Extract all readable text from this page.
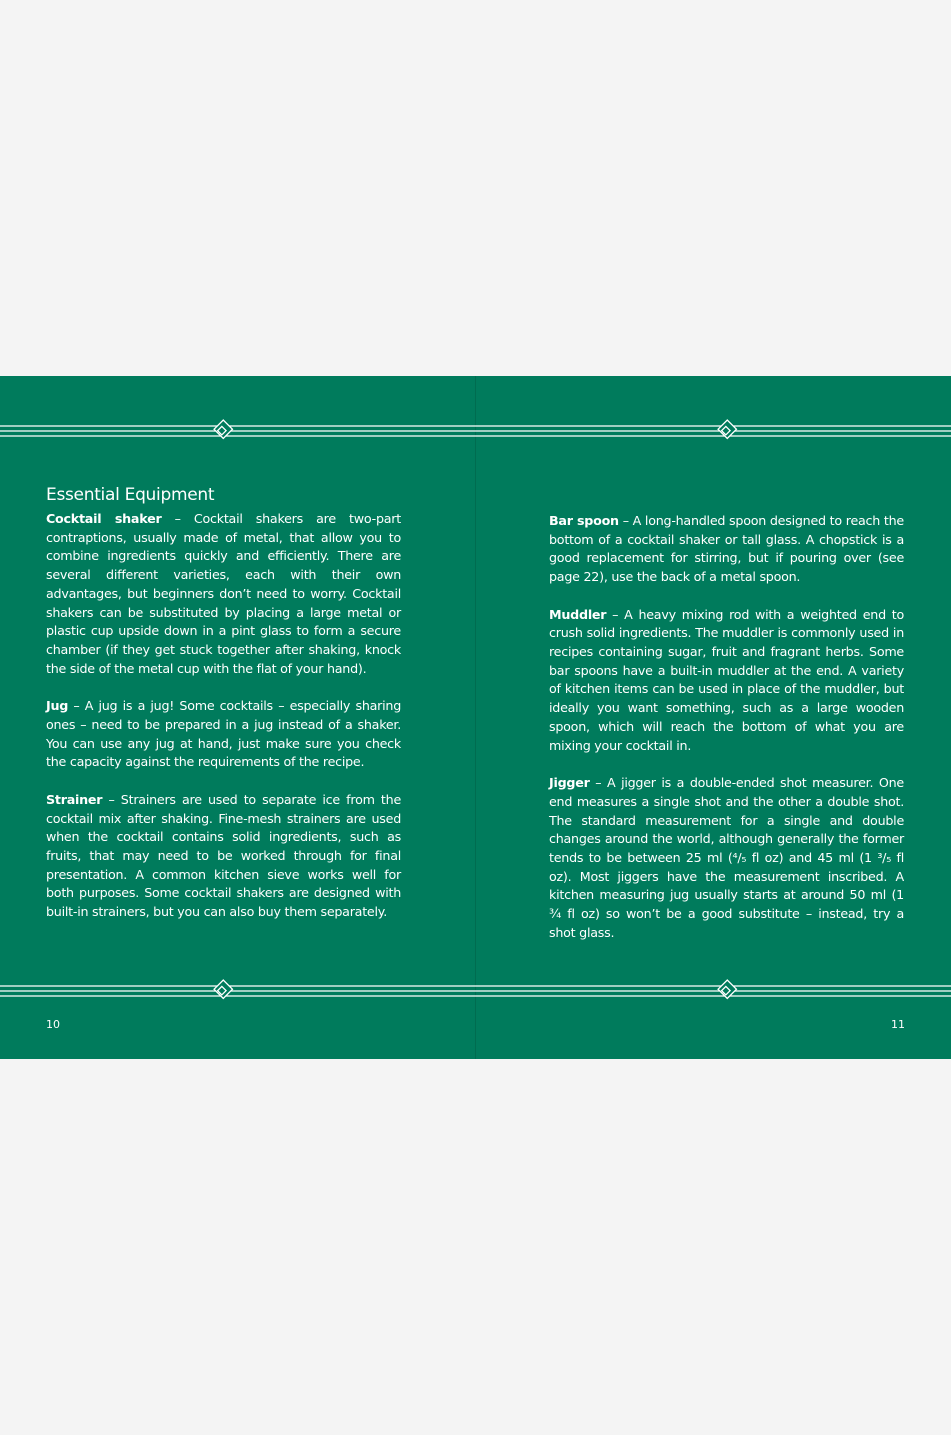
Essential Equipment

Cocktail shaker – Cocktail shakers are two-part contraptions, usually made of metal, that allow you to combine ingredients quickly and efficiently. There are several different varieties, each with their own advantages, but beginners don’t need to worry. Cocktail shakers can be substituted by placing a large metal or plastic cup upside down in a pint glass to form a secure chamber (if they get stuck together after shaking, knock the side of the metal cup with the flat of your hand).

Jug – A jug is a jug! Some cocktails – especially sharing ones – need to be prepared in a jug instead of a shaker. You can use any jug at hand, just make sure you check the capacity against the requirements of the recipe.

Strainer – Strainers are used to separate ice from the cocktail mix after shaking. Fine-mesh strainers are used when the cocktail contains solid ingredients, such as fruits, that may need to be worked through for final presentation. A common kitchen sieve works well for both purposes. Some cocktail shakers are designed with built-in strainers, but you can also buy them separately.

Bar spoon – A long-handled spoon designed to reach the bottom of a cocktail shaker or tall glass. A chopstick is a good replacement for stirring, but if pouring over (see page 22), use the back of a metal spoon.

Muddler – A heavy mixing rod with a weighted end to crush solid ingredients. The muddler is commonly used in recipes containing sugar, fruit and fragrant herbs. Some bar spoons have a built-in muddler at the end. A variety of kitchen items can be used in place of the muddler, but ideally you want something, such as a large wooden spoon, which will reach the bottom of what you are mixing your cocktail in.

Jigger – A jigger is a double-ended shot measurer. One end measures a single shot and the other a double shot. The standard measurement for a single and double changes around the world, although generally the former tends to be between 25 ml (⁴/₅ fl oz) and 45 ml (1 ³/₅ fl oz). Most jiggers have the measurement inscribed. A kitchen measuring jug usually starts at around 50 ml (1 ¾ fl oz) so won’t be a good substitute – instead, try a shot glass.

10	11
